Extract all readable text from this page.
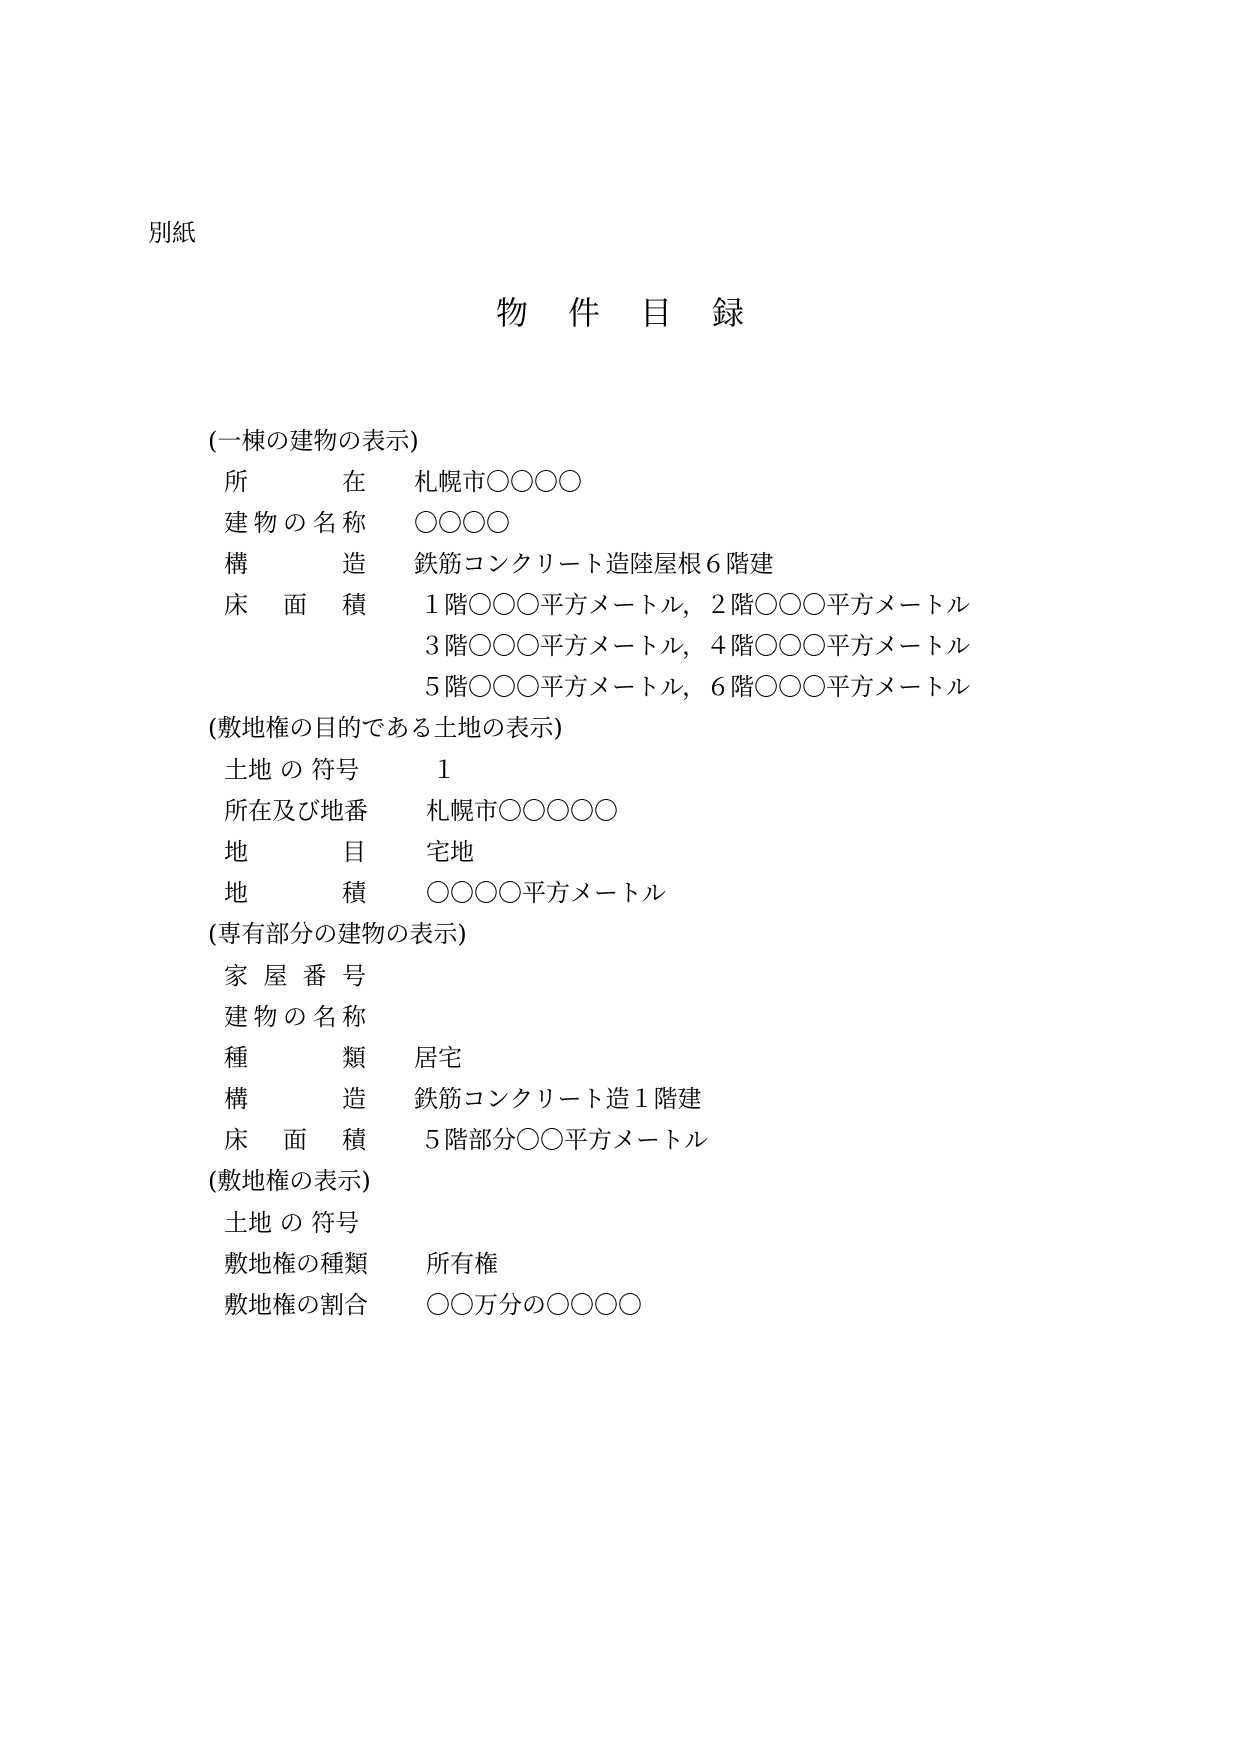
別紙
物件目録
(一棟の建物の表示)
所	在 札幌市〇〇〇〇
建 物 の 名 称 〇〇〇〇
構	造 鉄筋コンクリート造陸屋根６階建
床 面 積 １階〇〇〇平方メートル，２階〇〇〇平方メートル
３階〇〇〇平方メートル，４階〇〇〇平方メートル
５階〇〇〇平方メートル，６階〇〇〇平方メートル
(敷地権の目的である土地の表示)
土地 の 符号	１
所在及び地番 札幌市〇〇〇〇〇
地	目	宅地
地	積	〇〇〇〇平方メートル
(専有部分の建物の表示)
家 屋 番 号
建 物 の 名 称
種	類 居宅
構	造 鉄筋コンクリート造１階建
床 面 積 ５階部分〇〇平方メートル
(敷地権の表示)
土地 の 符号
敷地権の種類 所有権
敷地権の割合 〇〇万分の〇〇〇〇
